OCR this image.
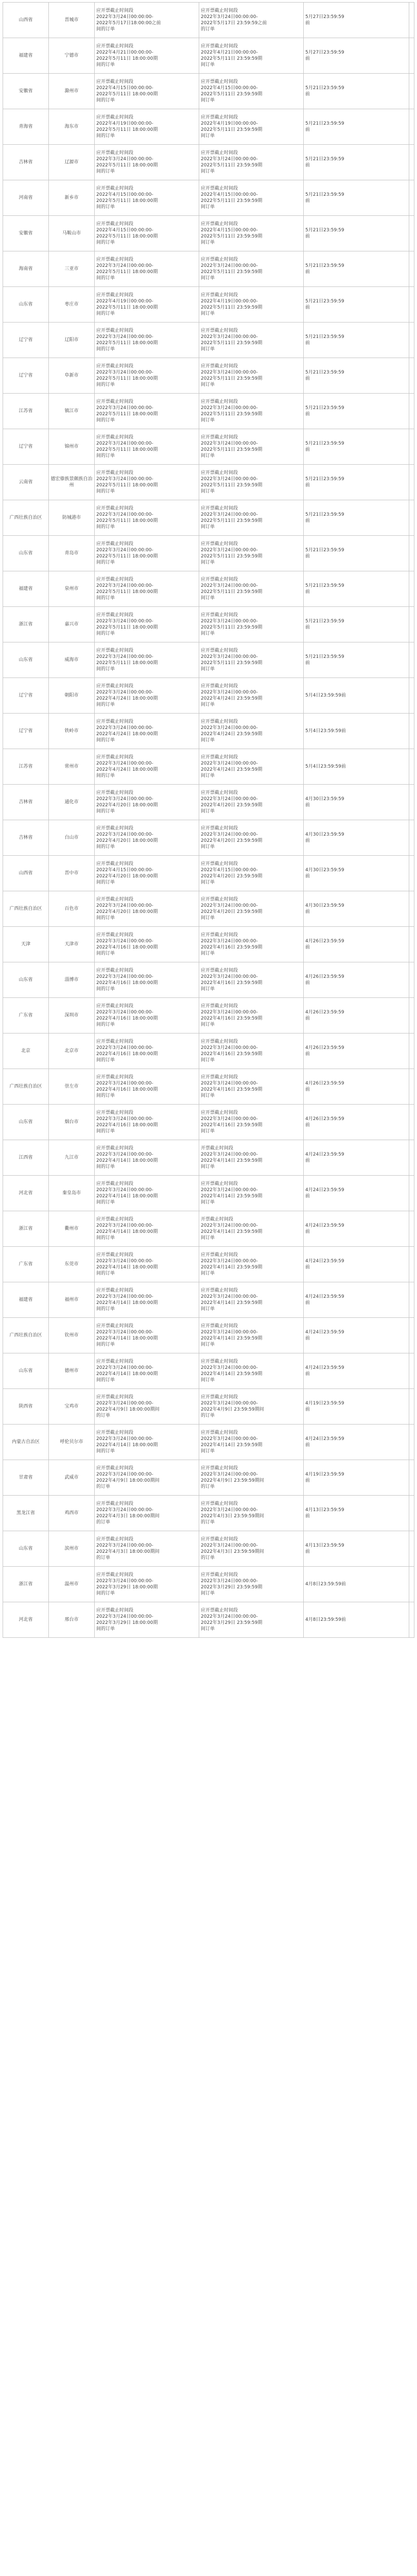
山西省	晋城市	应开票截止时间段
2022年3月24日00:00:00-
2022年5月17日18:00:00之前
间的订单	应开票截止时间段
2022年3月24日00:00:00-
2022年5月17日 23:59:59之前
的订单	5月27日23:59:59
前	
福建省	宁德市	应开票截止时间段
2022年4月21日00:00:00-
2022年5月11日 18:00:00期
间的订单	应开票截止时间段
2022年4月21日00:00:00-
2022年5月11日 23:59:59期
间订单	5月27日23:59:59
前	
安徽省	滁州市	应开票截止时间段
2022年4月15日00:00:00-
2022年5月11日 18:00:00期
间的订单	应开票截止时间段
2022年4月15日00:00:00-
2022年5月11日 23:59:59期
间订单	5月21日23:59:59
前	
青海省	海东市	应开票截止时间段
2022年4月19日00:00:00-
2022年5月11日 18:00:00期
间的订单	应开票截止时间段
2022年4月19日00:00:00-
2022年5月11日 23:59:59期
间订单	5月21日23:59:59
前	
吉林省	辽源市	应开票截止时间段
2022年3月24日00:00:00-
2022年5月11日 18:00:00期
间的订单	应开票截止时间段
2022年3月24日00:00:00-
2022年5月11日 23:59:59期
间订单	5月21日23:59:59
前	
河南省	新乡市	应开票截止时间段
2022年4月15日00:00:00-
2022年5月11日 18:00:00期
间的订单	应开票截止时间段
2022年4月15日00:00:00-
2022年5月11日 23:59:59期
间订单	5月21日23:59:59
前	
安徽省	马鞍山市	应开票截止时间段
2022年4月15日00:00:00-
2022年5月11日 18:00:00期
间的订单	应开票截止时间段
2022年4月15日00:00:00-
2022年5月11日 23:59:59期
间订单	5月21日23:59:59
前	
海南省	三亚市	应开票截止时间段
2022年3月24日00:00:00-
2022年5月11日 18:00:00期
间的订单	应开票截止时间段
2022年3月24日00:00:00-
2022年5月11日 23:59:59期
间订单	5月21日23:59:59
前	
山东省	枣庄市	应开票截止时间段
2022年4月19日00:00:00-
2022年5月11日 18:00:00期
间的订单	应开票截止时间段
2022年4月19日00:00:00-
2022年5月11日 23:59:59期
间订单	5月21日23:59:59
前	
辽宁省	辽阳市	应开票截止时间段
2022年3月24日00:00:00-
2022年5月11日 18:00:00期
间的订单	应开票截止时间段
2022年3月24日00:00:00-
2022年5月11日 23:59:59期
间订单	5月21日23:59:59
前	
辽宁省	阜新市	应开票截止时间段
2022年3月24日00:00:00-
2022年5月11日 18:00:00期
间的订单	应开票截止时间段
2022年3月24日00:00:00-
2022年5月11日 23:59:59期
间订单	5月21日23:59:59
前	
江苏省	镇江市	应开票截止时间段
2022年3月24日00:00:00-
2022年5月11日 18:00:00期
间的订单	应开票截止时间段
2022年3月24日00:00:00-
2022年5月11日 23:59:59期
间订单	5月21日23:59:59
前	
辽宁省	锦州市	应开票截止时间段
2022年3月24日00:00:00-
2022年5月11日 18:00:00期
间的订单	应开票截止时间段
2022年3月24日00:00:00-
2022年5月11日 23:59:59期
间订单	5月21日23:59:59
前	
云南省	德宏傣族景颇族自治州	应开票截止时间段
2022年3月24日00:00:00-
2022年5月11日 18:00:00期
间的订单	应开票截止时间段
2022年3月24日00:00:00-
2022年5月11日 23:59:59期
间订单	5月21日23:59:59
前	
广西壮族自治区	防城港市	应开票截止时间段
2022年3月24日00:00:00-
2022年5月11日 18:00:00期
间的订单	应开票截止时间段
2022年3月24日00:00:00-
2022年5月11日 23:59:59期
间订单	5月21日23:59:59
前	
山东省	青岛市	应开票截止时间段
2022年3月24日00:00:00-
2022年5月11日 18:00:00期
间的订单	应开票截止时间段
2022年3月24日00:00:00-
2022年5月11日 23:59:59期
间订单	5月21日23:59:59
前	
福建省	泉州市	应开票截止时间段
2022年3月24日00:00:00-
2022年5月11日 18:00:00期
间的订单	应开票截止时间段
2022年3月24日00:00:00-
2022年5月11日 23:59:59期
间订单	5月21日23:59:59
前	
浙江省	嘉兴市	应开票截止时间段
2022年3月24日00:00:00-
2022年5月11日 18:00:00期
间的订单	应开票截止时间段
2022年3月24日00:00:00-
2022年5月11日 23:59:59期
间订单	5月21日23:59:59
前	
山东省	威海市	应开票截止时间段
2022年3月24日00:00:00-
2022年5月11日 18:00:00期
间的订单	应开票截止时间段
2022年3月24日00:00:00-
2022年5月11日 23:59:59期
间订单	5月21日23:59:59
前	
辽宁省	朝阳市	应开票截止时间段
2022年3月24日00:00:00-
2022年4月24日 18:00:00期
间的订单	应开票截止时间段
2022年3月24日00:00:00-
2022年4月24日 23:59:59期
间订单	5月4日23:59:59前	
辽宁省	铁岭市	应开票截止时间段
2022年3月24日00:00:00-
2022年4月24日 18:00:00期
间的订单	应开票截止时间段
2022年3月24日00:00:00-
2022年4月24日 23:59:59期
间订单	5月4日23:59:59前	
江苏省	常州市	应开票截止时间段
2022年3月24日00:00:00-
2022年4月24日 18:00:00期
间的订单	应开票截止时间段
2022年3月24日00:00:00-
2022年4月24日 23:59:59期
间订单	5月4日23:59:59前	
吉林省	通化市	应开票截止时间段
2022年3月24日00:00:00-
2022年4月20日 18:00:00期
间的订单	应开票截止时间段
2022年3月24日00:00:00-
2022年4月20日 23:59:59期
间订单	4月30日23:59:59
前	
吉林省	白山市	应开票截止时间段
2022年3月24日00:00:00-
2022年4月20日 18:00:00期
间的订单	应开票截止时间段
2022年3月24日00:00:00-
2022年4月20日 23:59:59期
间订单	4月30日23:59:59
前	
山西省	晋中市	应开票截止时间段
2022年4月15日00:00:00-
2022年4月20日 18:00:00期
间的订单	应开票截止时间段
2022年4月15日00:00:00-
2022年4月20日 23:59:59期
间订单	4月30日23:59:59
前	
广西壮族自治区	百色市	应开票截止时间段
2022年3月24日00:00:00-
2022年4月20日 18:00:00期
间的订单	应开票截止时间段
2022年3月24日00:00:00-
2022年4月20日 23:59:59期
间订单	4月30日23:59:59
前	
天津	天津市	应开票截止时间段
2022年3月24日00:00:00-
2022年4月16日 18:00:00期
间的订单	应开票截止时间段
2022年3月24日00:00:00-
2022年4月16日 23:59:59期
间订单	4月26日23:59:59
前	
山东省	淄博市	应开票截止时间段
2022年3月24日00:00:00-
2022年4月16日 18:00:00期
间的订单	应开票截止时间段
2022年3月24日00:00:00-
2022年4月16日 23:59:59期
间订单	4月26日23:59:59
前	
广东省	深圳市	应开票截止时间段
2022年3月24日00:00:00-
2022年4月16日 18:00:00期
间的订单	应开票截止时间段
2022年3月24日00:00:00-
2022年4月16日 23:59:59期
间订单	4月26日23:59:59
前	
北京	北京市	应开票截止时间段
2022年3月24日00:00:00-
2022年4月16日 18:00:00期
间的订单	应开票截止时间段
2022年3月24日00:00:00-
2022年4月16日 23:59:59期
间订单	4月26日23:59:59
前	
广西壮族自治区	崇左市	应开票截止时间段
2022年3月24日00:00:00-
2022年4月16日 18:00:00期
间的订单	应开票截止时间段
2022年3月24日00:00:00-
2022年4月16日 23:59:59期
间订单	4月26日23:59:59
前	
山东省	烟台市	应开票截止时间段
2022年3月24日00:00:00-
2022年4月16日 18:00:00期
间的订单	应开票截止时间段
2022年3月24日00:00:00-
2022年4月16日 23:59:59期
间订单	4月26日23:59:59
前	
江西省	九江市	应开票截止时间段
2022年3月24日00:00:00-
2022年4月14日 18:00:00期
间的订单	开票截止时间段
2022年3月24日00:00:00-
2022年4月14日 23:59:59期
间订单	4月24日23:59:59
前	
河北省	秦皇岛市	应开票截止时间段
2022年3月24日00:00:00-
2022年4月14日 18:00:00期
间的订单	应开票截止时间段
2022年3月24日00:00:00-
2022年4月14日 23:59:59期
间订单	4月24日23:59:59
前	
浙江省	衢州市	应开票截止时间段
2022年3月24日00:00:00-
2022年4月14日 18:00:00期
间的订单	开票截止时间段
2022年3月24日00:00:00-
2022年4月14日 23:59:59期
间订单	4月24日23:59:59
前	
广东省	东莞市	应开票截止时间段
2022年3月24日00:00:00-
2022年4月14日 18:00:00期
间的订单	应开票截止时间段
2022年3月24日00:00:00-
2022年4月14日 23:59:59期
间订单	4月24日23:59:59
前	
福建省	福州市	应开票截止时间段
2022年3月24日00:00:00-
2022年4月14日 18:00:00期
间的订单	应开票截止时间段
2022年3月24日00:00:00-
2022年4月14日 23:59:59期
间订单	4月24日23:59:59
前	
广西壮族自治区	钦州市	应开票截止时间段
2022年3月24日00:00:00-
2022年4月14日 18:00:00期
间的订单	应开票截止时间段
2022年3月24日00:00:00-
2022年4月14日 23:59:59期
间订单	4月24日23:59:59
前	
山东省	德州市	应开票截止时间段
2022年3月24日00:00:00-
2022年4月14日 18:00:00期
间的订单	应开票截止时间段
2022年3月24日00:00:00-
2022年4月14日 23:59:59期
间订单	4月24日23:59:59
前	
陕西省	宝鸡市	应开票截止时间段
2022年3月24日00:00:00-
2022年4月9日 18:00:00期间
的订单	应开票截止时间段
2022年3月24日00:00:00-
2022年4月9日 23:59:59期间
的订单	4月19日23:59:59
前	
内蒙古自治区	呼伦贝尔市	应开票截止时间段
2022年3月24日00:00:00-
2022年4月14日 18:00:00期
间的订单	应开票截止时间段
2022年3月24日00:00:00-
2022年4月14日 23:59:59期
间订单	4月24日23:59:59
前	
甘肃省	武威市	应开票截止时间段
2022年3月24日00:00:00-
2022年4月9日 18:00:00期间
的订单	应开票截止时间段
2022年3月24日00:00:00-
2022年4月9日 23:59:59期间
的订单	4月19日23:59:59
前	
黑龙江省	鸡西市	应开票截止时间段
2022年3月24日00:00:00-
2022年4月3日 18:00:00期间
的订单	应开票截止时间段
2022年3月24日00:00:00-
2022年4月3日 23:59:59期间
的订单	4月13日23:59:59
前	
山东省	滨州市	应开票截止时间段
2022年3月24日00:00:00-
2022年4月3日 18:00:00期间
的订单	应开票截止时间段
2022年3月24日00:00:00-
2022年4月3日 23:59:59期间
的订单	4月13日23:59:59
前	
浙江省	温州市	应开票截止时间段
2022年3月24日00:00:00-
2022年3月29日 18:00:00期
间的订单	应开票截止时间段
2022年3月24日00:00:00-
2022年3月29日 23:59:59期
间订单	4月8日23:59:59前	
河北省	邢台市	应开票截止时间段
2022年3月24日00:00:00-
2022年3月29日 18:00:00期
间的订单	应开票截止时间段
2022年3月24日00:00:00-
2022年3月29日 23:59:59期
间订单	4月8日23:59:59前	
